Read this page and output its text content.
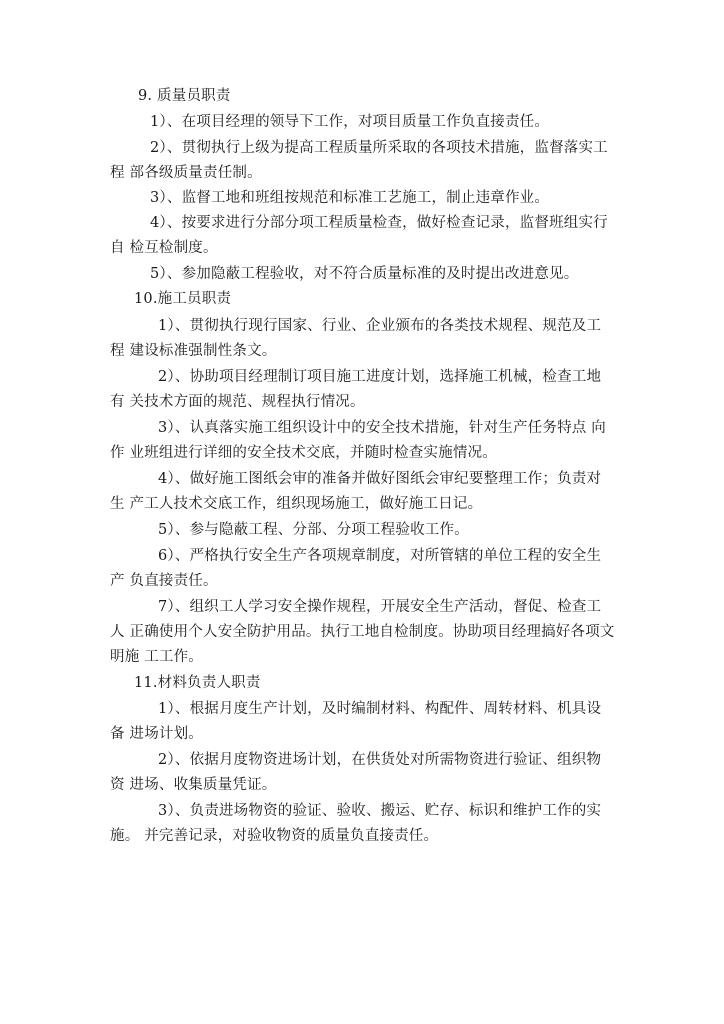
9. 质量员职责
1）、在项目经理的领导下工作，对项目质量工作负直接责任。
2）、贯彻执行上级为提高工程质量所采取的各项技术措施，监督落实工
程 部各级质量责任制。
3）、监督工地和班组按规范和标准工艺施工，制止违章作业。
4）、按要求进行分部分项工程质量检查，做好检查记录，监督班组实行
自 检互检制度。
5）、参加隐蔽工程验收，对不符合质量标准的及时提出改进意见。
10.施工员职责
1）、贯彻执行现行国家、行业、企业颁布的各类技术规程、规范及工
程 建设标准强制性条文。
2）、协助项目经理制订项目施工进度计划，选择施工机械，检查工地
有 关技术方面的规范、规程执行情况。
3）、认真落实施工组织设计中的安全技术措施，针对生产任务特点 向
作 业班组进行详细的安全技术交底，并随时检查实施情况。
4）、做好施工图纸会审的准备并做好图纸会审纪要整理工作；负责对
生 产工人技术交底工作，组织现场施工，做好施工日记。
5）、参与隐蔽工程、分部、分项工程验收工作。
6）、严格执行安全生产各项规章制度，对所管辖的单位工程的安全生
产 负直接责任。
7）、组织工人学习安全操作规程，开展安全生产活动，督促、检查工
人 正确使用个人安全防护用品。执行工地自检制度。协助项目经理搞好各项文
明施 工工作。
11.材料负责人职责
1）、根据月度生产计划，及时编制材料、构配件、周转材料、机具设
备 进场计划。
2）、依据月度物资进场计划，在供货处对所需物资进行验证、组织物
资 进场、收集质量凭证。
3）、负责进场物资的验证、验收、搬运、贮存、标识和维护工作的实
施。 并完善记录，对验收物资的质量负直接责任。
